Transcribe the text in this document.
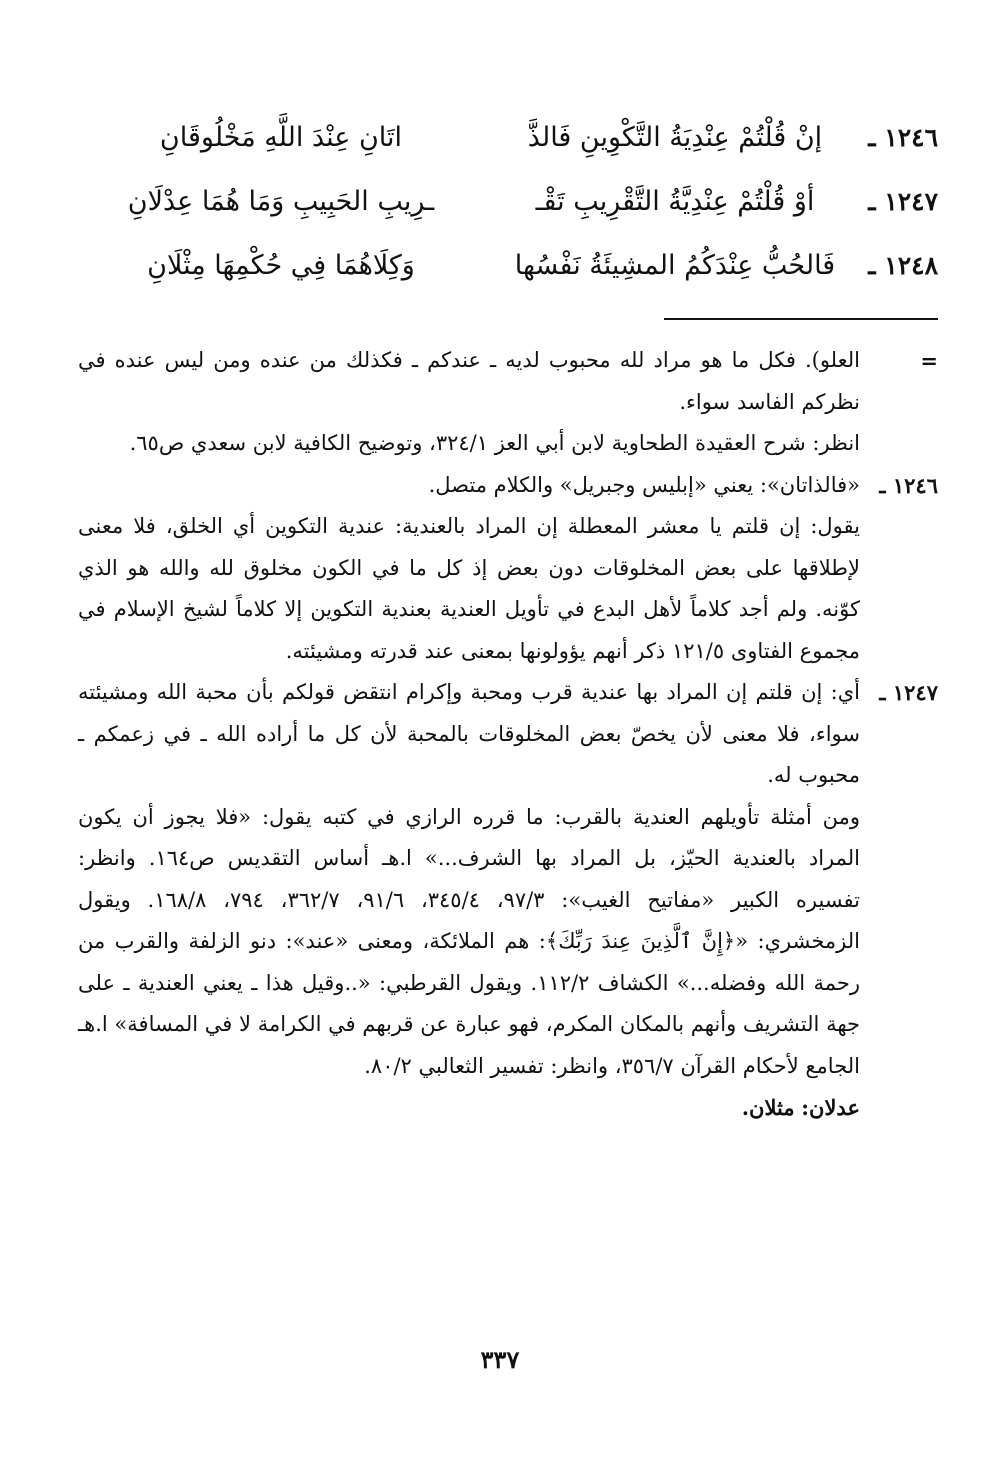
١٢٤٦ ـ
إنْ قُلْتُمْ عِنْدِيَةُ التَّكْوِينِ فَالذَّ
اتَانِ عِنْدَ اللَّهِ مَخْلُوقَانِ
١٢٤٧ ـ
أوْ قُلْتُمْ عِنْدِيَّةُ التَّقْرِيبِ تَقْـ
ـرِيبِ الحَبِيبِ وَمَا هُمَا عِدْلَانِ
١٢٤٨ ـ
فَالحُبُّ عِنْدَكُمُ المشِيئَةُ نَفْسُها
وَكِلَاهُمَا فِي حُكْمِهَا مِثْلَانِ
=

العلو). فكل ما هو مراد لله محبوب لديه ـ عندكم ـ فكذلك من عنده ومن ليس عنده في نظركم الفاسد سواء.

انظر: شرح العقيدة الطحاوية لابن أبي العز ٣٢٤/١، وتوضيح الكافية لابن سعدي ص٦٥.

١٢٤٦ ـ

«فالذاتان»: يعني «إبليس وجبريل» والكلام متصل.

يقول: إن قلتم يا معشر المعطلة إن المراد بالعندية: عندية التكوين أي الخلق، فلا معنى لإطلاقها على بعض المخلوقات دون بعض إذ كل ما في الكون مخلوق لله والله هو الذي كوّنه. ولم أجد كلاماً لأهل البدع في تأويل العندية بعندية التكوين إلا كلاماً لشيخ الإسلام في مجموع الفتاوى ١٢١/٥ ذكر أنهم يؤولونها بمعنى عند قدرته ومشيئته.

١٢٤٧ ـ

أي: إن قلتم إن المراد بها عندية قرب ومحبة وإكرام انتقض قولكم بأن محبة الله ومشيئته سواء، فلا معنى لأن يخصّ بعض المخلوقات بالمحبة لأن كل ما أراده الله ـ في زعمكم ـ محبوب له.

ومن أمثلة تأويلهم العندية بالقرب: ما قرره الرازي في كتبه يقول: «فلا يجوز أن يكون المراد بالعندية الحيّز، بل المراد بها الشرف...» ا.هـ أساس التقديس ص١٦٤. وانظر: تفسيره الكبير «مفاتيح الغيب»: ٩٧/٣، ٣٤٥/٤، ٩١/٦، ٣٦٢/٧، ٧٩٤، ١٦٨/٨. ويقول الزمخشري: «﴿إِنَّ ٱلَّذِينَ عِندَ رَبِّكَ﴾: هم الملائكة، ومعنى «عند»: دنو الزلفة والقرب من رحمة الله وفضله...» الكشاف ١١٢/٢. ويقول القرطبي: «..وقيل هذا ـ يعني العندية ـ على جهة التشريف وأنهم بالمكان المكرم، فهو عبارة عن قربهم في الكرامة لا في المسافة» ا.هـ الجامع لأحكام القرآن ٣٥٦/٧، وانظر: تفسير الثعالبي ٨٠/٢.

عدلان: مثلان.
٣٣٧
